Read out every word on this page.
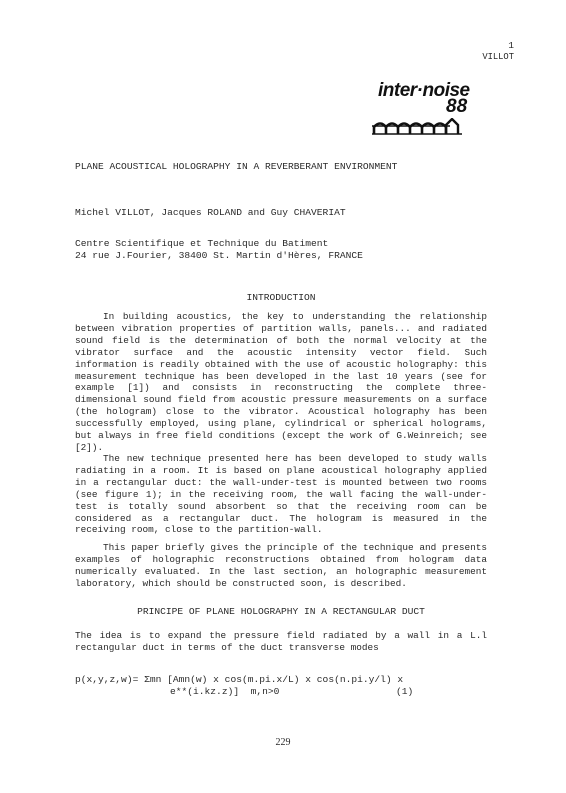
1
VILLOT
inter·noise
88
PLANE ACOUSTICAL HOLOGRAPHY IN A REVERBERANT ENVIRONMENT
Michel VILLOT, Jacques ROLAND and Guy CHAVERIAT
Centre Scientifique et Technique du Batiment
24 rue J.Fourier, 38400 St. Martin d'Hères, FRANCE
INTRODUCTION

In building acoustics, the key to understanding the relationship between vibration properties of partition walls, panels... and radiated sound field is the determination of both the normal velocity at the vibrator surface and the acoustic intensity vector field. Such information is readily obtained with the use of acoustic holography: this measurement technique has been developed in the last 10 years (see for example [1]) and consists in reconstructing the complete three-dimensional sound field from acoustic pressure measurements on a surface (the hologram) close to the vibrator. Acoustical holography has been successfully employed, using plane, cylindrical or spherical holograms, but always in free field conditions (except the work of G.Weinreich; see [2]).

The new technique presented here has been developed to study walls radiating in a room. It is based on plane acoustical holography applied in a rectangular duct: the wall-under-test is mounted between two rooms (see figure 1); in the receiving room, the wall facing the wall-under-test is totally sound absorbent so that the receiving room can be considered as a rectangular duct. The hologram is measured in the receiving room, close to the partition-wall.

This paper briefly gives the principle of the technique and presents examples of holographic reconstructions obtained from hologram data numerically evaluated. In the last section, an holographic measurement laboratory, which should be constructed soon, is described.

PRINCIPE OF PLANE HOLOGRAPHY IN A RECTANGULAR DUCT

The idea is to expand the pressure field radiated by a wall in a L.l rectangular duct in terms of the duct transverse modes

p(x,y,z,w)= Σmn [Amn(w) x cos(m.pi.x/L) x cos(n.pi.y/l) x
e**(i.kz.z)]  m,n>0	(1)
229
